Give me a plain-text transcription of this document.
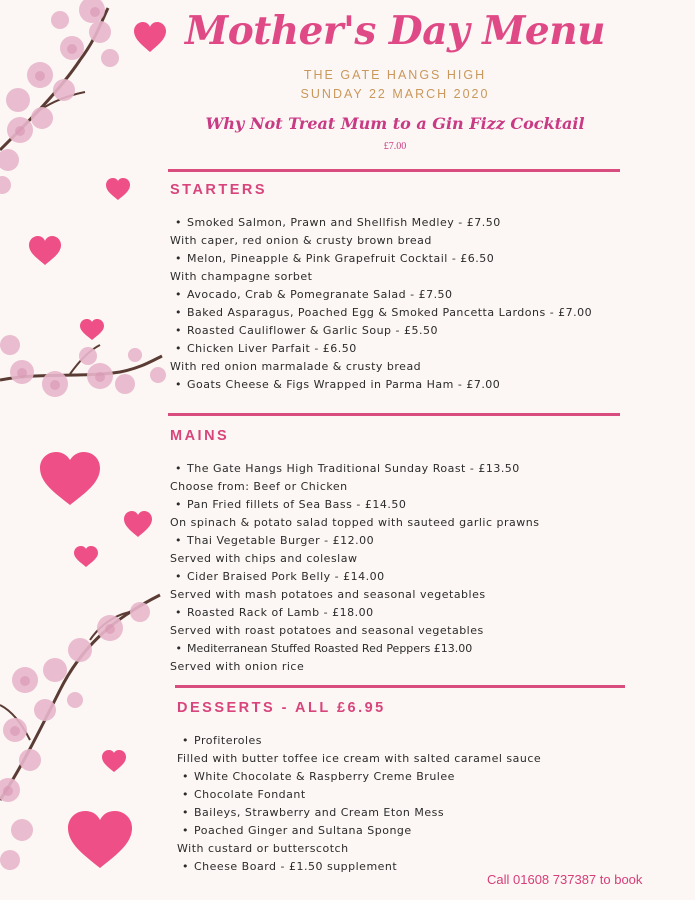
Mother's Day Menu
THE GATE HANGS HIGH
SUNDAY 22 MARCH 2020
Why Not Treat Mum to a Gin Fizz Cocktail
£7.00
STARTERS
• Smoked Salmon, Prawn and Shellfish Medley - £7.50
With caper, red onion & crusty brown bread
• Melon, Pineapple & Pink Grapefruit Cocktail - £6.50
With champagne sorbet
• Avocado, Crab & Pomegranate Salad - £7.50
• Baked Asparagus, Poached Egg & Smoked Pancetta Lardons - £7.00
• Roasted Cauliflower & Garlic Soup - £5.50
• Chicken Liver Parfait - £6.50
With red onion marmalade & crusty bread
• Goats Cheese & Figs Wrapped in Parma Ham - £7.00
MAINS
• The Gate Hangs High Traditional Sunday Roast - £13.50
Choose from: Beef or Chicken
• Pan Fried fillets of Sea Bass - £14.50
On spinach & potato salad topped with sauteed garlic prawns
• Thai Vegetable Burger - £12.00
Served with chips and coleslaw
• Cider Braised Pork Belly - £14.00
Served with mash potatoes and seasonal vegetables
• Roasted Rack of Lamb - £18.00
Served with roast potatoes and seasonal vegetables
• Mediterranean Stuffed Roasted Red Peppers £13.00
Served with onion rice
DESSERTS - ALL £6.95
• Profiteroles
Filled with butter toffee ice cream with salted caramel sauce
• White Chocolate & Raspberry Creme Brulee
• Chocolate Fondant
• Baileys, Strawberry and Cream Eton Mess
• Poached Ginger and Sultana Sponge
With custard or butterscotch
• Cheese Board - £1.50 supplement
Call 01608 737387 to book
